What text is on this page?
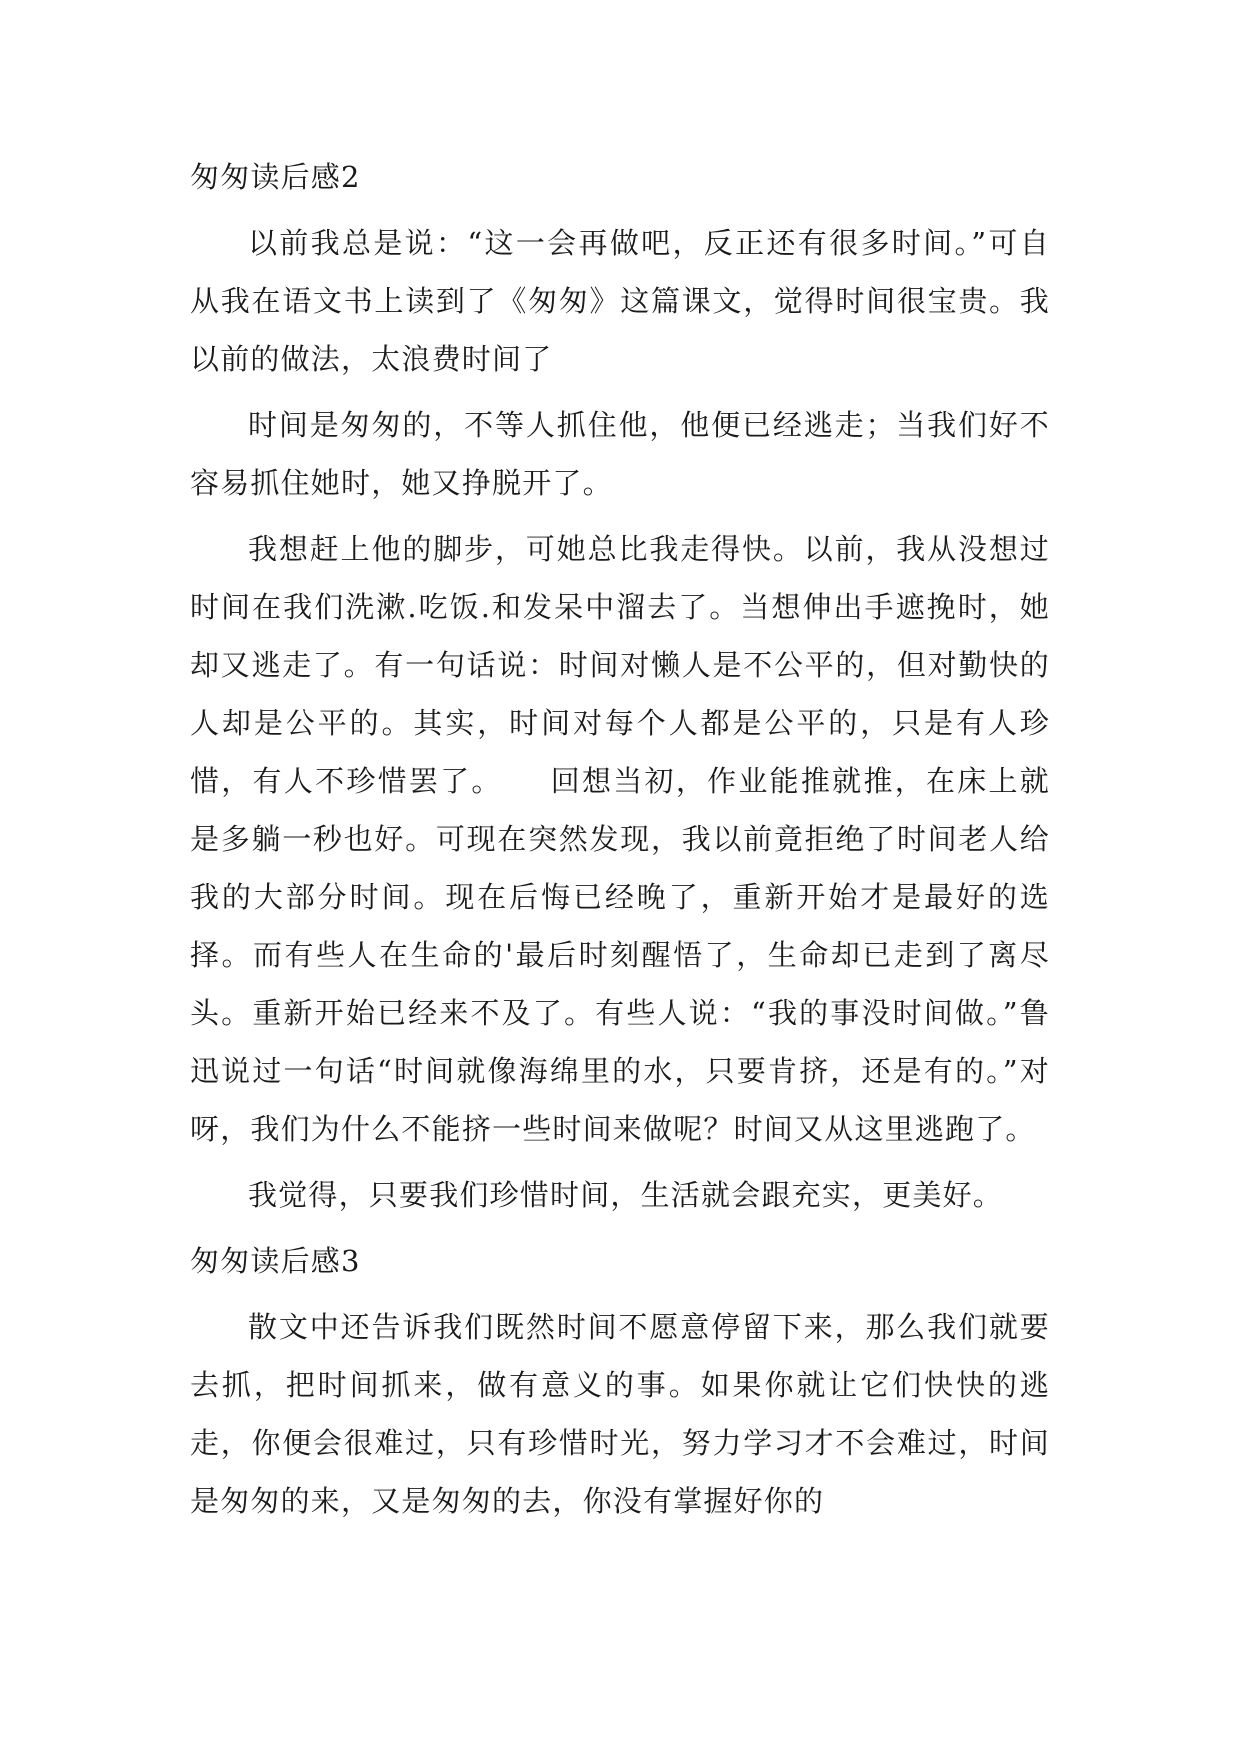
匆匆读后感2

以前我总是说：“这一会再做吧，反正还有很多时间。”可自从我在语文书上读到了《匆匆》这篇课文，觉得时间很宝贵。我以前的做法，太浪费时间了

时间是匆匆的，不等人抓住他，他便已经逃走；当我们好不容易抓住她时，她又挣脱开了。

我想赶上他的脚步，可她总比我走得快。以前，我从没想过时间在我们洗漱.吃饭.和发呆中溜去了。当想伸出手遮挽时，她却又逃走了。有一句话说：时间对懒人是不公平的，但对勤快的人却是公平的。其实，时间对每个人都是公平的，只是有人珍惜，有人不珍惜罢了。　　回想当初，作业能推就推，在床上就是多躺一秒也好。可现在突然发现，我以前竟拒绝了时间老人给我的大部分时间。现在后悔已经晚了，重新开始才是最好的选择。而有些人在生命的'最后时刻醒悟了，生命却已走到了离尽头。重新开始已经来不及了。有些人说：“我的事没时间做。”鲁迅说过一句话“时间就像海绵里的水，只要肯挤，还是有的。”对呀，我们为什么不能挤一些时间来做呢？时间又从这里逃跑了。

我觉得，只要我们珍惜时间，生活就会跟充实，更美好。

匆匆读后感3

散文中还告诉我们既然时间不愿意停留下来，那么我们就要去抓，把时间抓来，做有意义的事。如果你就让它们快快的逃走，你便会很难过，只有珍惜时光，努力学习才不会难过，时间是匆匆的来，又是匆匆的去，你没有掌握好你的
